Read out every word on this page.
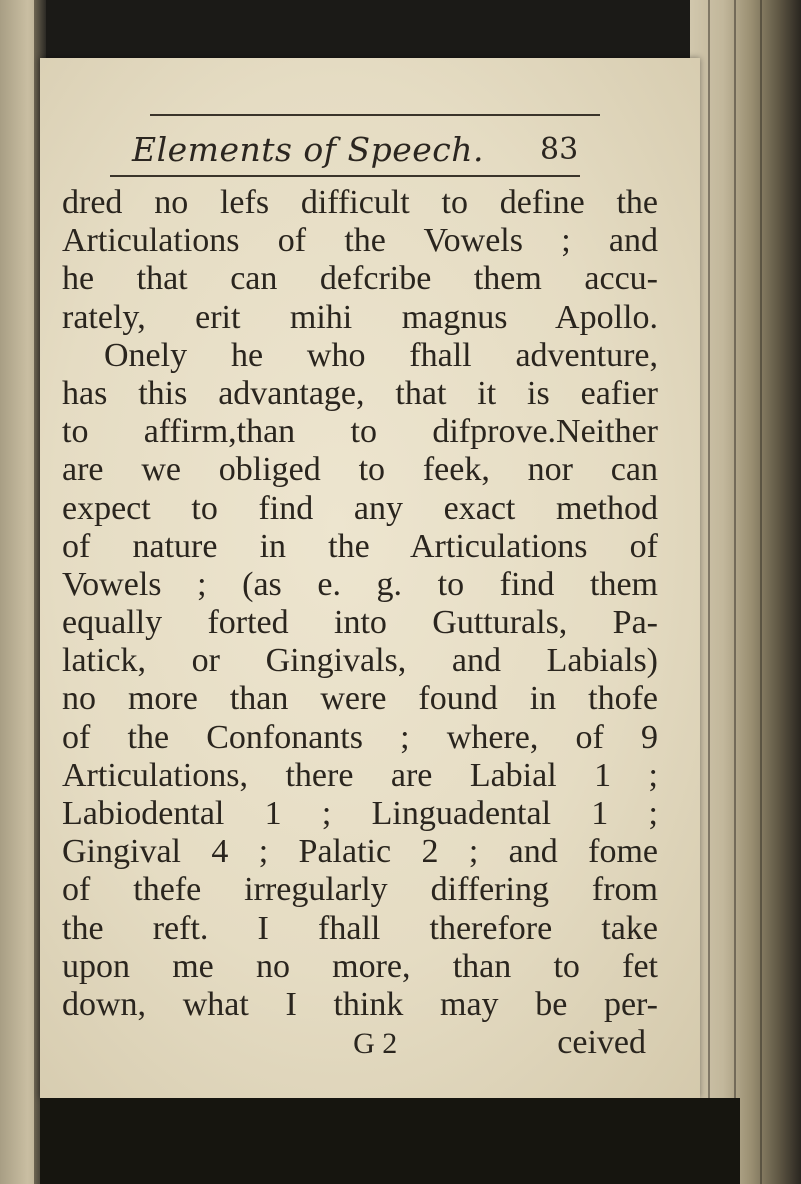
Elements of Speech. 83
dred no lefs difficult to define the
Articulations of the Vowels ; and
he that can defcribe them accu-
rately, erit mihi magnus Apollo.
Onely he who fhall adventure,
has this advantage, that it is eafier
to affirm,than to difprove.Neither
are we obliged to feek, nor can
expect to find any exact method
of nature in the Articulations of
Vowels ; (as e. g. to find them
equally forted into Gutturals, Pa-
latick, or Gingivals, and Labials)
no more than were found in thofe
of the Confonants ; where, of 9
Articulations, there are Labial 1 ;
Labiodental 1 ; Linguadental 1 ;
Gingival 4 ; Palatic 2 ; and fome
of thefe irregularly differing from
the reft. I fhall therefore take
upon me no more, than to fet
down, what I think may be per-
G 2	ceived
